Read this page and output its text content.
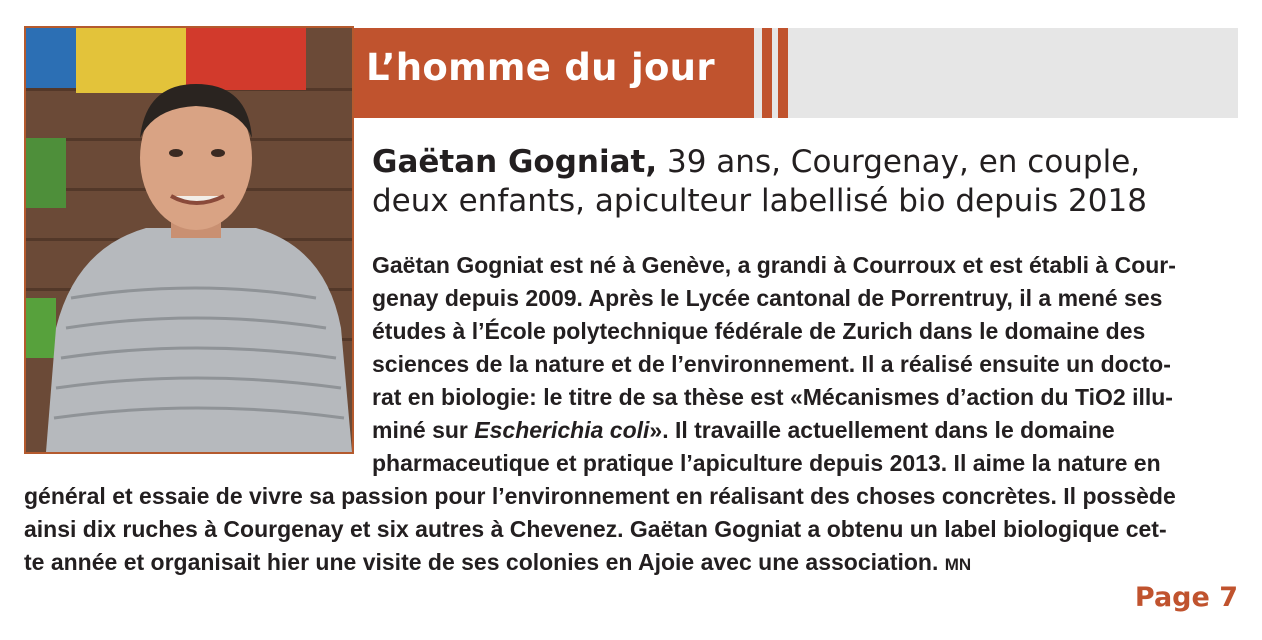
L’homme du jour
Gaëtan Gogniat, 39 ans, Courgenay, en couple,
deux enfants, apiculteur labellisé bio depuis 2018
Gaëtan Gogniat est né à Genève, a grandi à Courroux et est établi à Cour-
genay depuis 2009. Après le Lycée cantonal de Porrentruy, il a mené ses
études à l’École polytechnique fédérale de Zurich dans le domaine des
sciences de la nature et de l’environnement. Il a réalisé ensuite un docto-
rat en biologie: le titre de sa thèse est «Mécanismes d’action du TiO2 illu-
miné sur Escherichia coli». Il travaille actuellement dans le domaine
pharmaceutique et pratique l’apiculture depuis 2013. Il aime la nature en
général et essaie de vivre sa passion pour l’environnement en réalisant des choses concrètes. Il possède
ainsi dix ruches à Courgenay et six autres à Chevenez. Gaëtan Gogniat a obtenu un label biologique cet-
te année et organisait hier une visite de ses colonies en Ajoie avec une association. MN
Page 7
